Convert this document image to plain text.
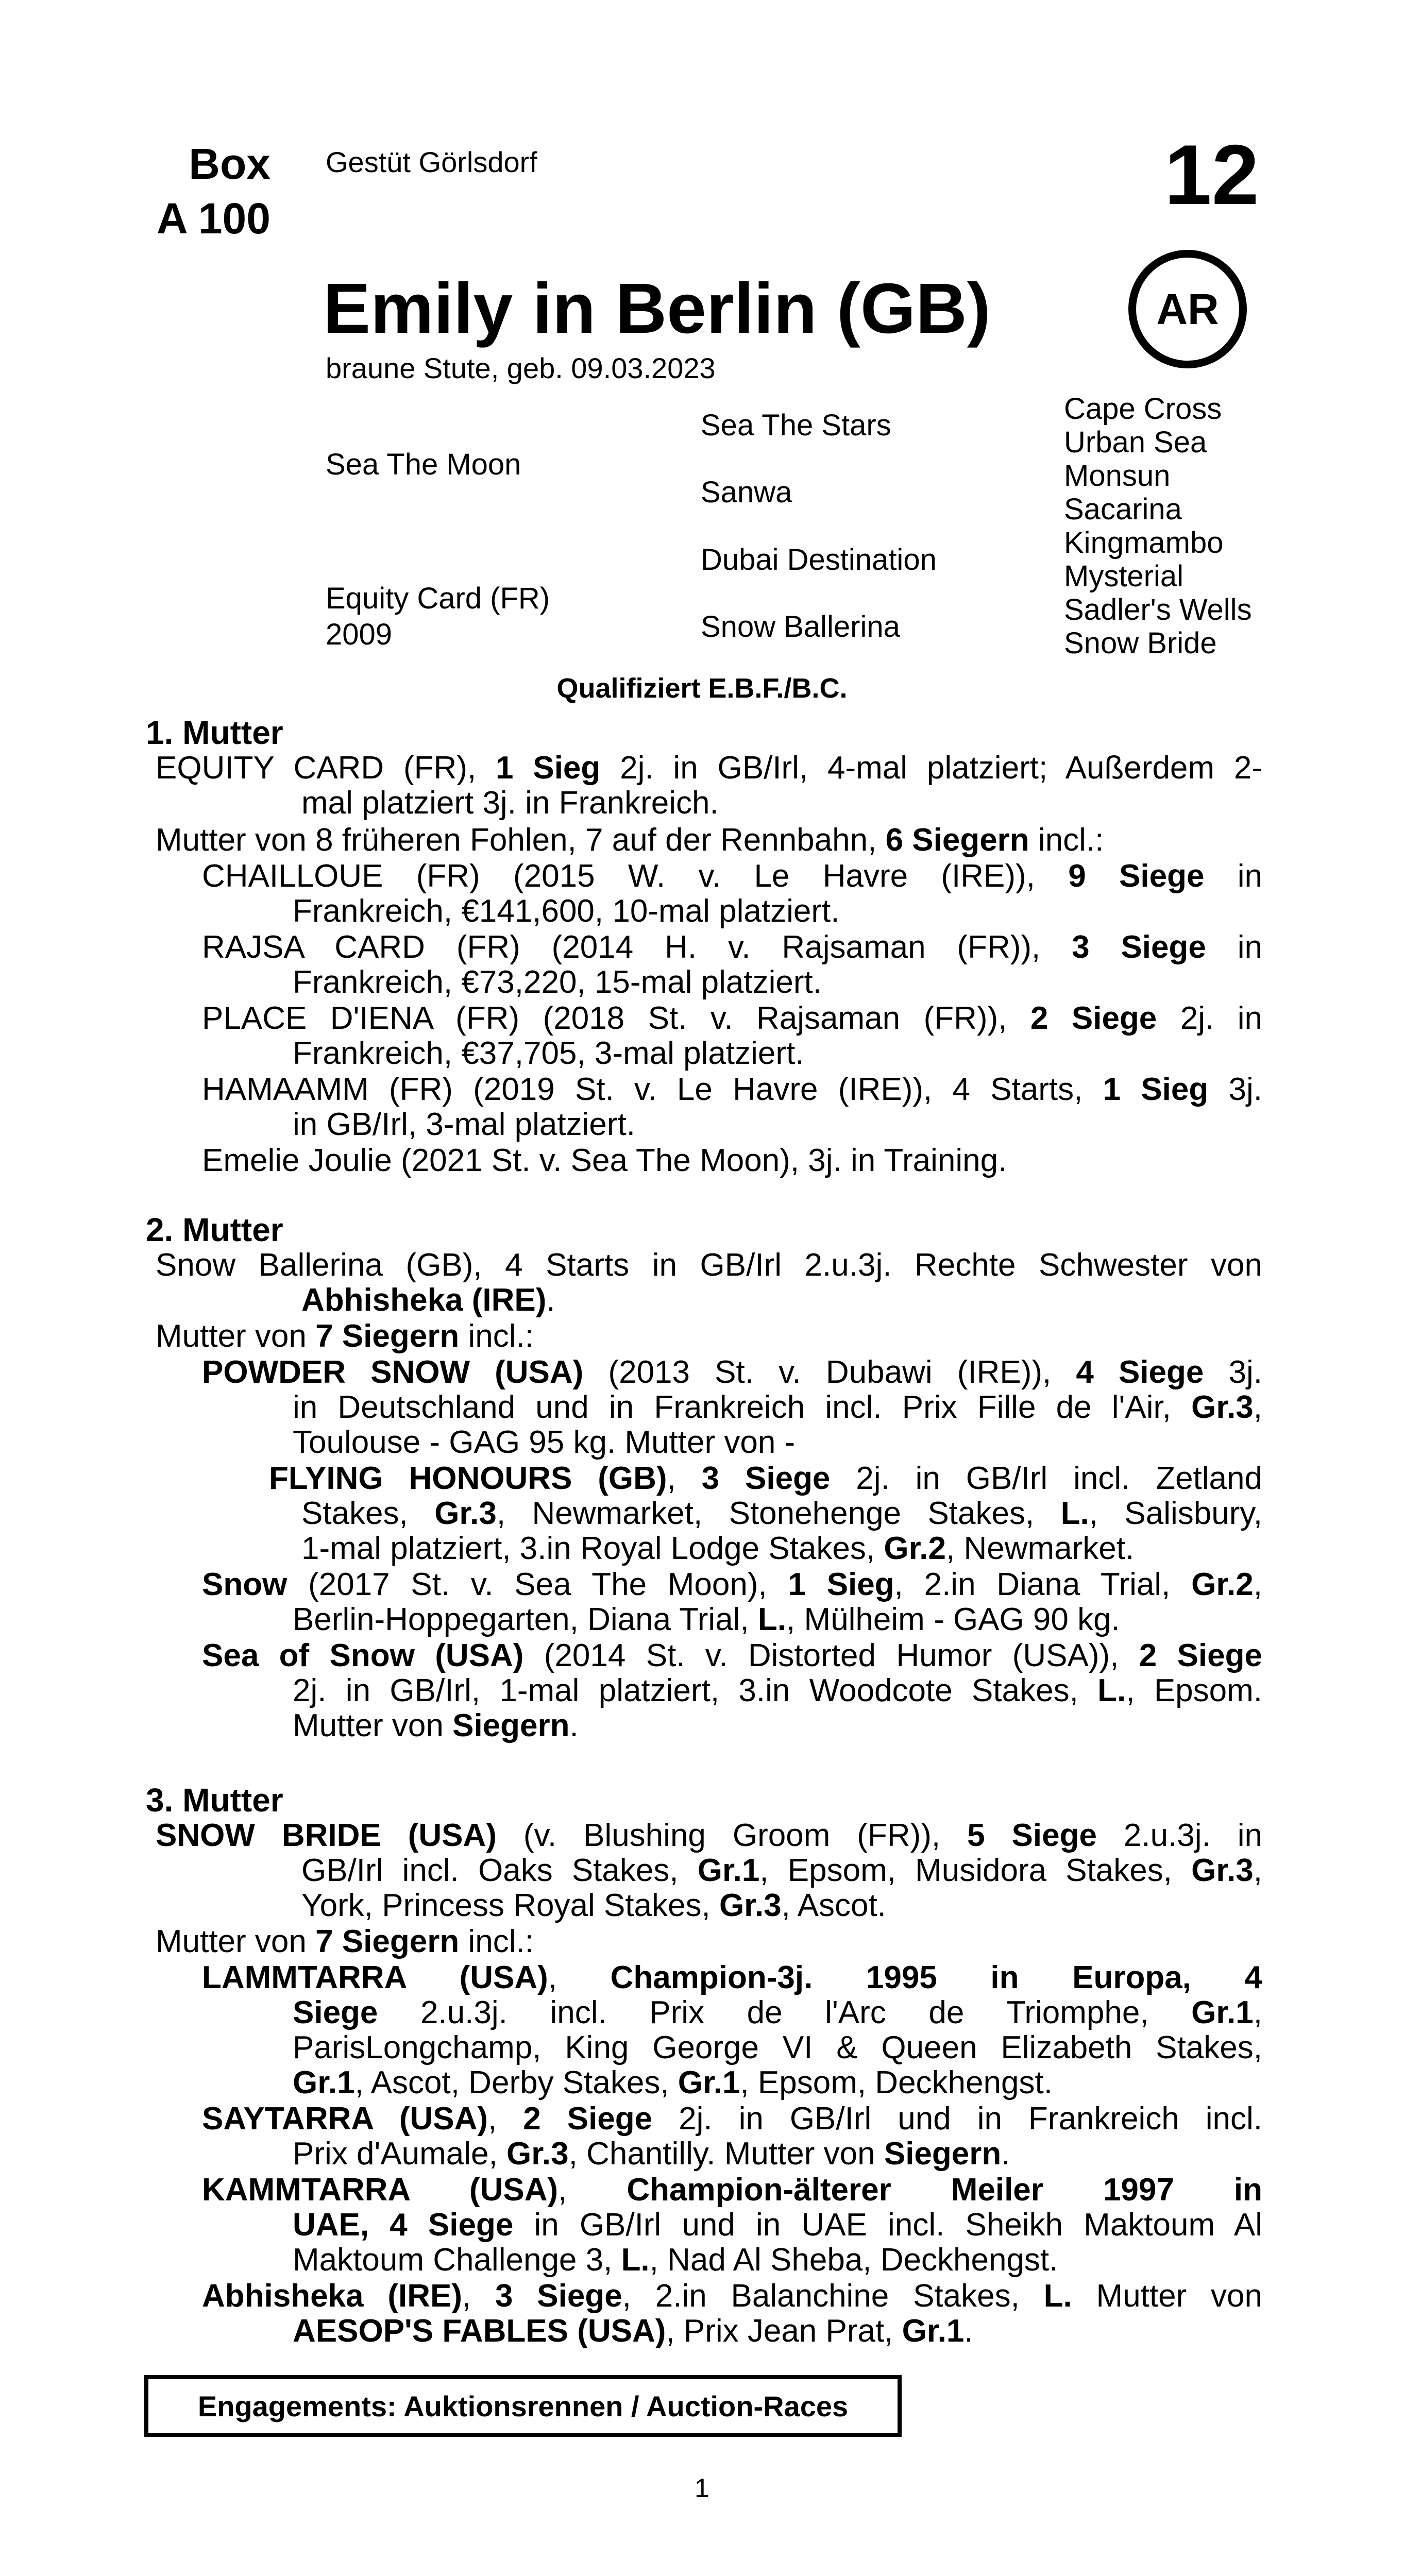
Box
A 100
Gestüt Görlsdorf	12
AR
Emily in Berlin (GB)
braune Stute, geb. 09.03.2023
Sea The Moon
Equity Card (FR)
2009
Sea The Stars
Sanwa
Dubai Destination
Snow Ballerina
Cape Cross
Urban Sea
Monsun
Sacarina
Kingmambo
Mysterial
Sadler's Wells
Snow Bride
Qualifiziert E.B.F./B.C.
1. Mutter
2. Mutter
3. Mutter
EQUITY CARD (FR), 1 Sieg 2j. in GB/Irl, 4-mal platziert; Außerdem 2-
mal platziert 3j. in Frankreich.
Mutter von 8 früheren Fohlen, 7 auf der Rennbahn, 6 Siegern incl.:
CHAILLOUE (FR) (2015 W. v. Le Havre (IRE)), 9 Siege in
Frankreich, €141,600, 10-mal platziert.
RAJSA CARD (FR) (2014 H. v. Rajsaman (FR)), 3 Siege in
Frankreich, €73,220, 15-mal platziert.
PLACE D'IENA (FR) (2018 St. v. Rajsaman (FR)), 2 Siege 2j. in
Frankreich, €37,705, 3-mal platziert.
HAMAAMM (FR) (2019 St. v. Le Havre (IRE)), 4 Starts, 1 Sieg 3j.
in GB/Irl, 3-mal platziert.
Emelie Joulie (2021 St. v. Sea The Moon), 3j. in Training.
Snow Ballerina (GB), 4 Starts in GB/Irl 2.u.3j. Rechte Schwester von
Abhisheka (IRE).
Mutter von 7 Siegern incl.:
POWDER SNOW (USA) (2013 St. v. Dubawi (IRE)), 4 Siege 3j.
in Deutschland und in Frankreich incl. Prix Fille de l'Air, Gr.3,
Toulouse - GAG 95 kg. Mutter von -
FLYING HONOURS (GB), 3 Siege 2j. in GB/Irl incl. Zetland
Stakes, Gr.3, Newmarket, Stonehenge Stakes, L., Salisbury,
1-mal platziert, 3.in Royal Lodge Stakes, Gr.2, Newmarket.
Snow (2017 St. v. Sea The Moon), 1 Sieg, 2.in Diana Trial, Gr.2,
Berlin-Hoppegarten, Diana Trial, L., Mülheim - GAG 90 kg.
Sea of Snow (USA) (2014 St. v. Distorted Humor (USA)), 2 Siege
2j. in GB/Irl, 1-mal platziert, 3.in Woodcote Stakes, L., Epsom.
Mutter von Siegern.
SNOW BRIDE (USA) (v. Blushing Groom (FR)), 5 Siege 2.u.3j. in
GB/Irl incl. Oaks Stakes, Gr.1, Epsom, Musidora Stakes, Gr.3,
York, Princess Royal Stakes, Gr.3, Ascot.
Mutter von 7 Siegern incl.:
LAMMTARRA (USA), Champion-3j. 1995 in Europa, 4
Siege 2.u.3j. incl. Prix de l'Arc de Triomphe, Gr.1,
ParisLongchamp, King George VI & Queen Elizabeth Stakes,
Gr.1, Ascot, Derby Stakes, Gr.1, Epsom, Deckhengst.
SAYTARRA (USA), 2 Siege 2j. in GB/Irl und in Frankreich incl.
Prix d'Aumale, Gr.3, Chantilly. Mutter von Siegern.
KAMMTARRA (USA), Champion-älterer Meiler 1997 in
UAE, 4 Siege in GB/Irl und in UAE incl. Sheikh Maktoum Al
Maktoum Challenge 3, L., Nad Al Sheba, Deckhengst.
Abhisheka (IRE), 3 Siege, 2.in Balanchine Stakes, L. Mutter von
AESOP'S FABLES (USA), Prix Jean Prat, Gr.1.
Engagements: Auktionsrennen / Auction-Races
1
